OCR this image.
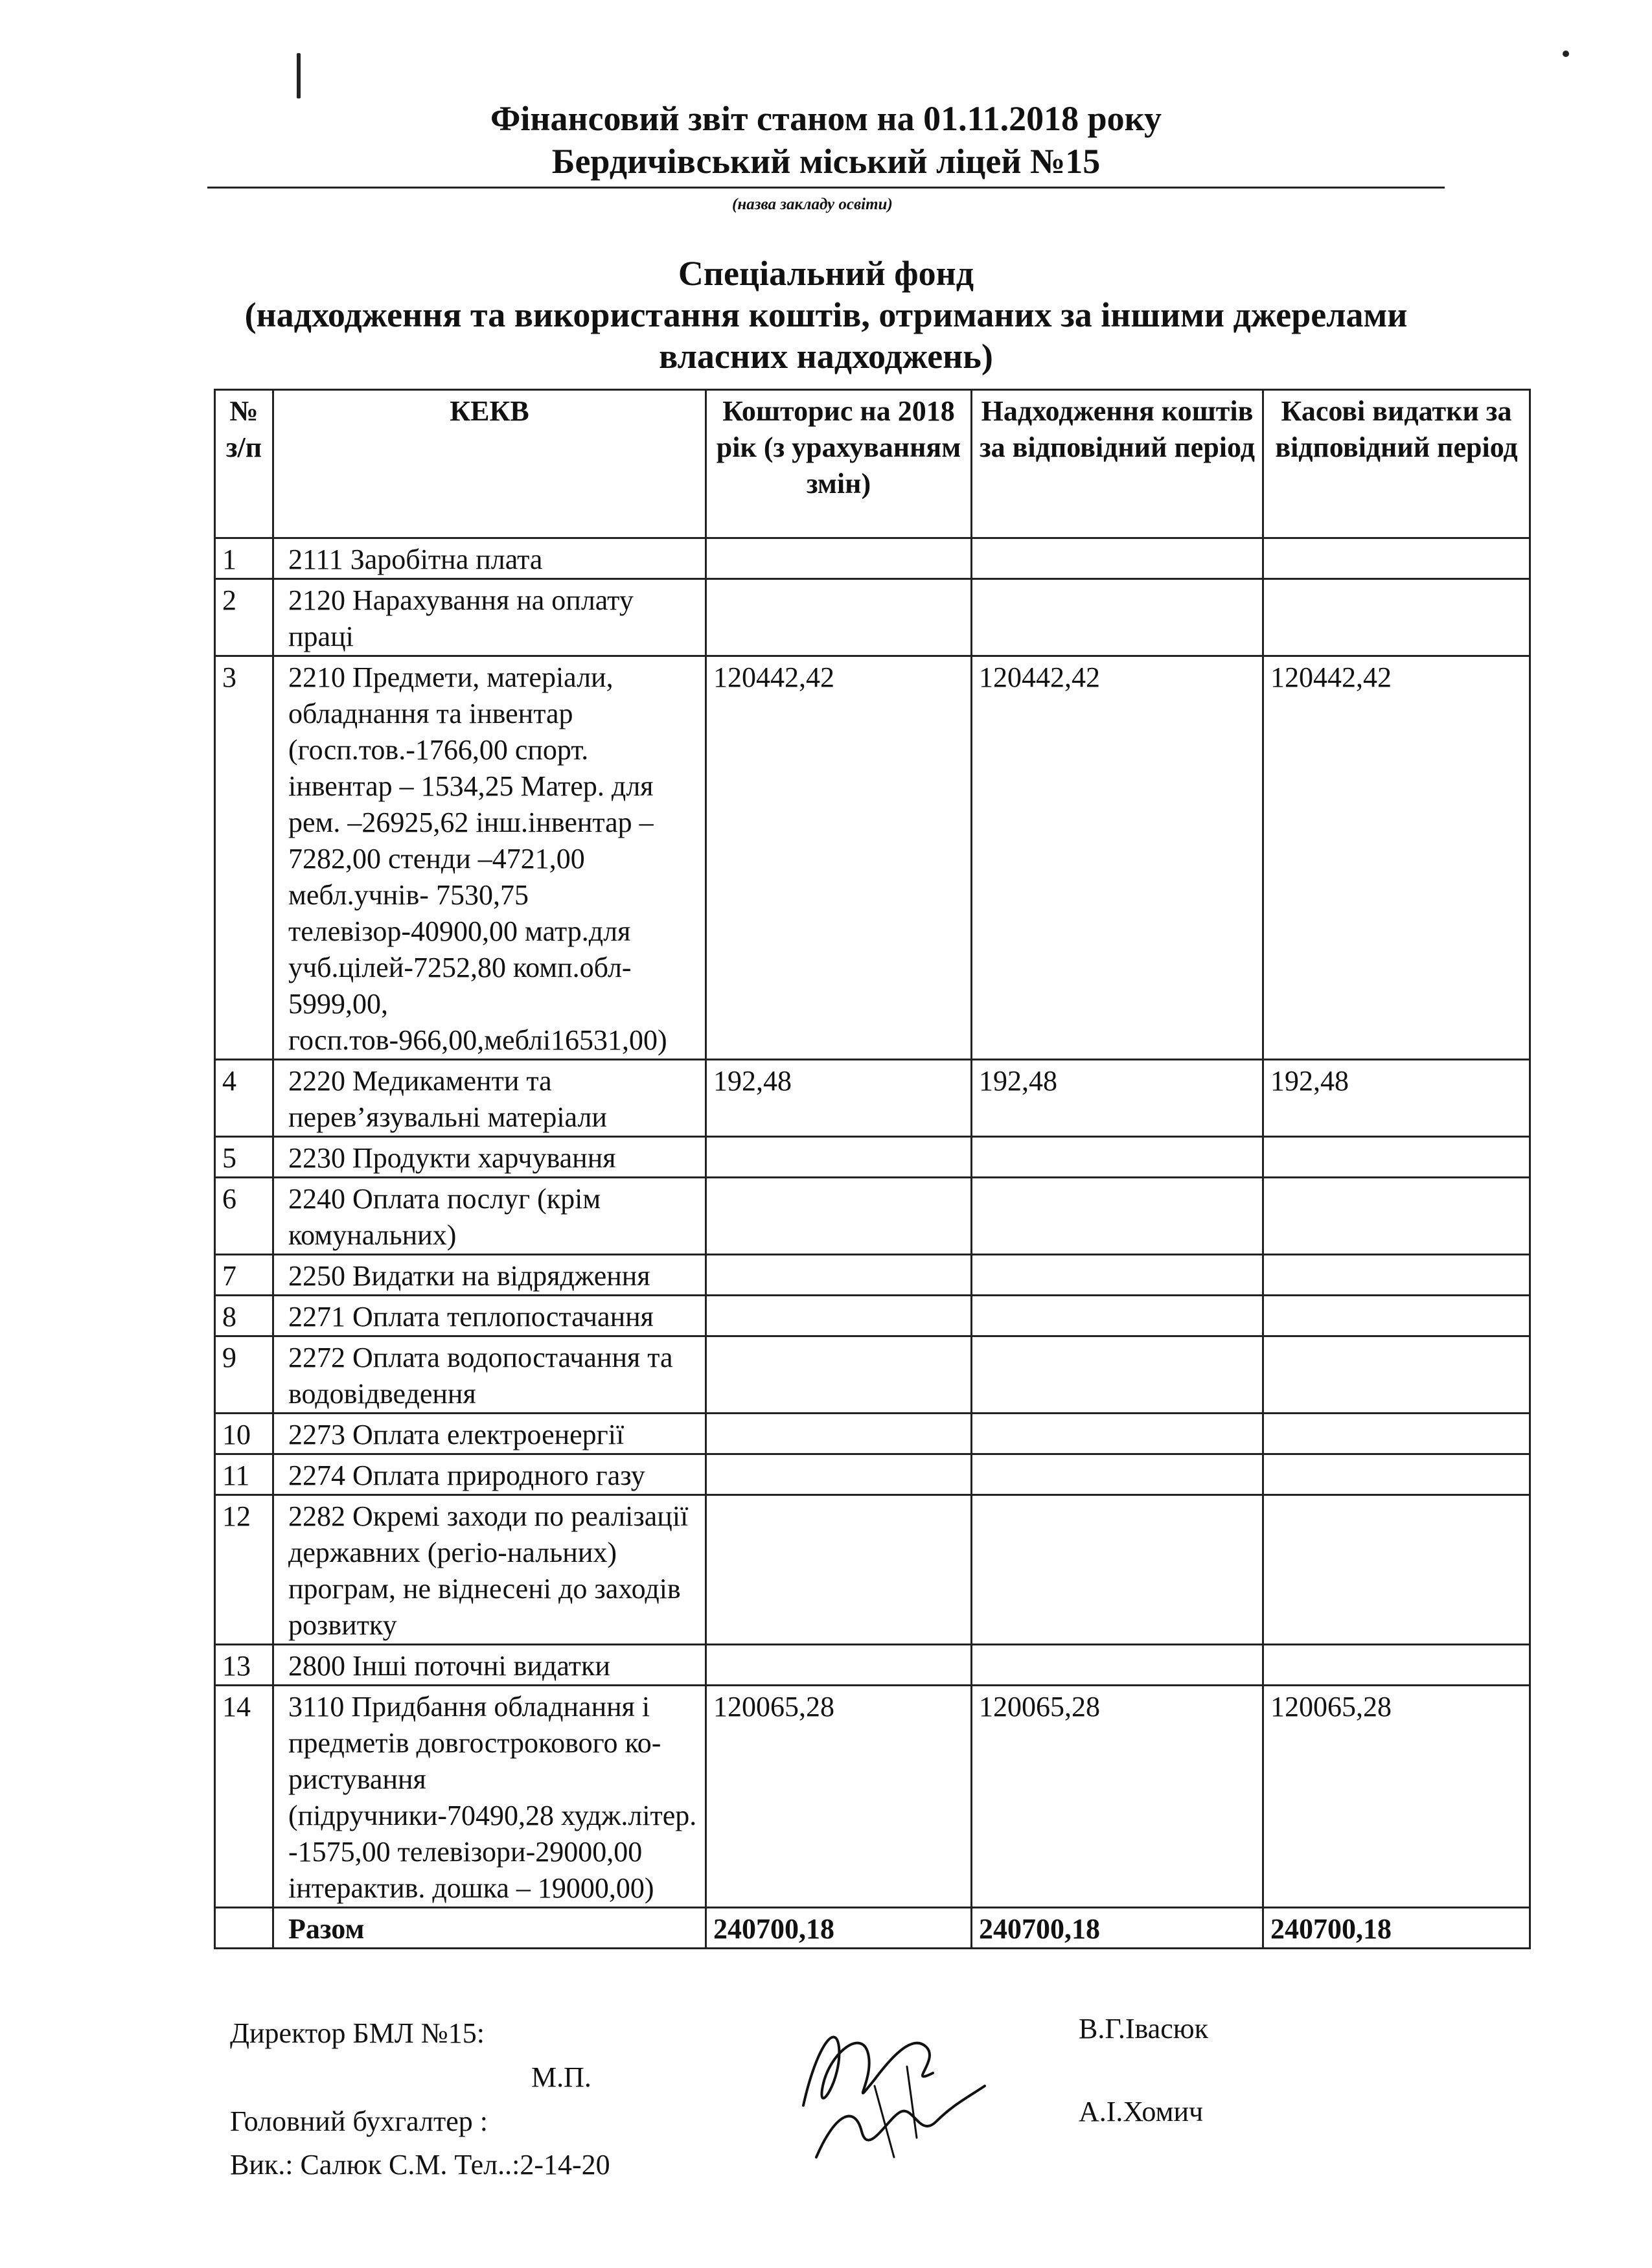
Фінансовий звіт станом на 01.11.2018 року
Бердичівський міський ліцей №15
(назва закладу освіти)
Спеціальний фонд
(надходження та використання коштів, отриманих за іншими джерелами
власних надходжень)
№ з/п	КЕКВ	Кошторис на 2018 рік (з урахуванням змін)	Надходження коштів за відповідний період	Касові видатки за відповідний період
1	2111 Заробітна плата			
2	2120 Нарахування на оплату праці			
3	2210 Предмети, матеріали, обладнання та інвентар (госп.тов.-1766,00 спорт. інвентар – 1534,25 Матер. для рем. –26925,62 інш.інвентар –7282,00 стенди –4721,00 мебл.учнів- 7530,75 телевізор-40900,00 матр.для учб.цілей-7252,80 комп.обл- 5999,00, госп.тов-966,00,меблі16531,00)	120442,42	120442,42	120442,42
4	2220 Медикаменти та перев’язувальні матеріали	192,48	192,48	192,48
5	2230 Продукти харчування			
6	2240 Оплата послуг (крім комунальних)			
7	2250 Видатки на відрядження			
8	2271 Оплата теплопостачання			
9	2272 Оплата водопостачання та водовідведення			
10	2273 Оплата електроенергії			
11	2274 Оплата природного газу			
12	2282 Окремі заходи по реалізації державних (регіо-нальних) програм, не віднесені до заходів розвитку			
13	2800 Інші поточні видатки			
14	3110 Придбання обладнання і предметів довгострокового ко-ристування (підручники-70490,28 худж.літер. -1575,00 телевізори-29000,00 інтерактив. дошка – 19000,00)	120065,28	120065,28	120065,28
	Разом	240700,18	240700,18	240700,18
Директор БМЛ №15:	В.Г.Івасюк
М.П.
Головний бухгалтер :	А.І.Хомич
Вик.: Салюк С.М. Тел..:2-14-20
